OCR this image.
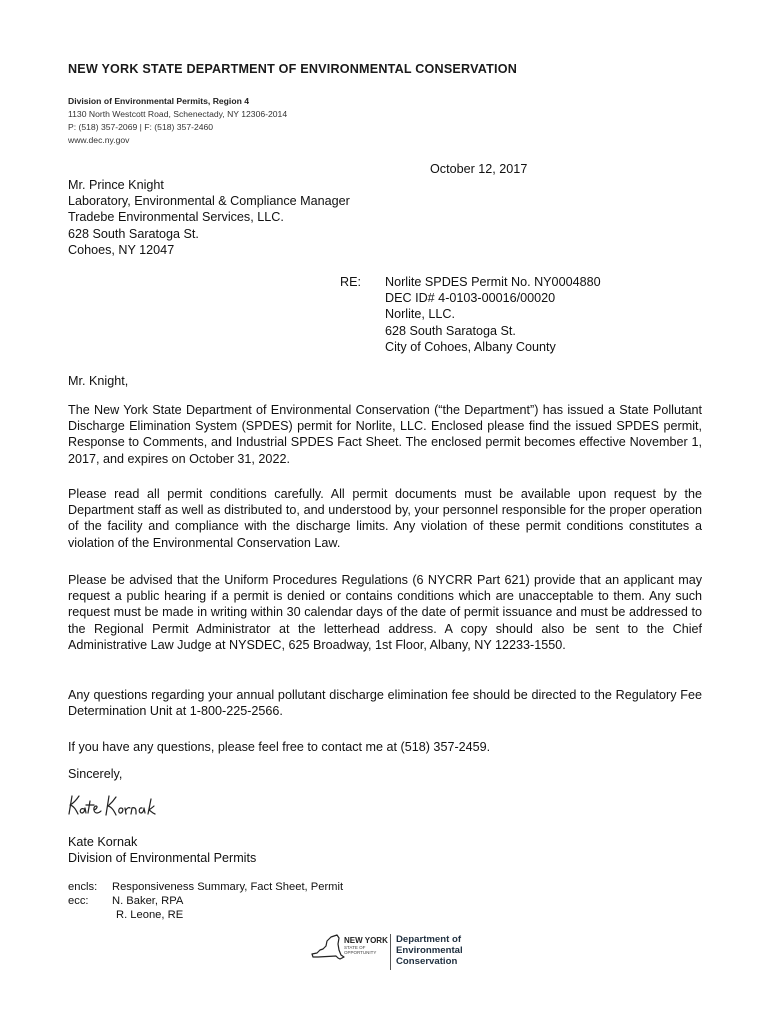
NEW YORK STATE DEPARTMENT OF ENVIRONMENTAL CONSERVATION
Division of Environmental Permits, Region 4
1130 North Westcott Road, Schenectady, NY 12306-2014
P: (518) 357-2069 | F: (518) 357-2460
www.dec.ny.gov
October 12, 2017
Mr. Prince Knight
Laboratory, Environmental & Compliance Manager
Tradebe Environmental Services, LLC.
628 South Saratoga St.
Cohoes, NY 12047
RE: Norlite SPDES Permit No. NY0004880
DEC ID# 4-0103-00016/00020
Norlite, LLC.
628 South Saratoga St.
City of Cohoes, Albany County
Mr. Knight,
The New York State Department of Environmental Conservation (“the Department”) has issued a State Pollutant Discharge Elimination System (SPDES) permit for Norlite, LLC. Enclosed please find the issued SPDES permit, Response to Comments, and Industrial SPDES Fact Sheet. The enclosed permit becomes effective November 1, 2017, and expires on October 31, 2022.
Please read all permit conditions carefully. All permit documents must be available upon request by the Department staff as well as distributed to, and understood by, your personnel responsible for the proper operation of the facility and compliance with the discharge limits. Any violation of these permit conditions constitutes a violation of the Environmental Conservation Law.
Please be advised that the Uniform Procedures Regulations (6 NYCRR Part 621) provide that an applicant may request a public hearing if a permit is denied or contains conditions which are unacceptable to them. Any such request must be made in writing within 30 calendar days of the date of permit issuance and must be addressed to the Regional Permit Administrator at the letterhead address. A copy should also be sent to the Chief Administrative Law Judge at NYSDEC, 625 Broadway, 1st Floor, Albany, NY 12233-1550.
Any questions regarding your annual pollutant discharge elimination fee should be directed to the Regulatory Fee Determination Unit at 1-800-225-2566.
If you have any questions, please feel free to contact me at (518) 357-2459.
Sincerely,
Kate Kornak
Division of Environmental Permits
encls: Responsiveness Summary, Fact Sheet, Permit
ecc: N. Baker, RPA
R. Leone, RE
NEW YORK
STATE OF OPPORTUNITY
Department of
Environmental
Conservation
